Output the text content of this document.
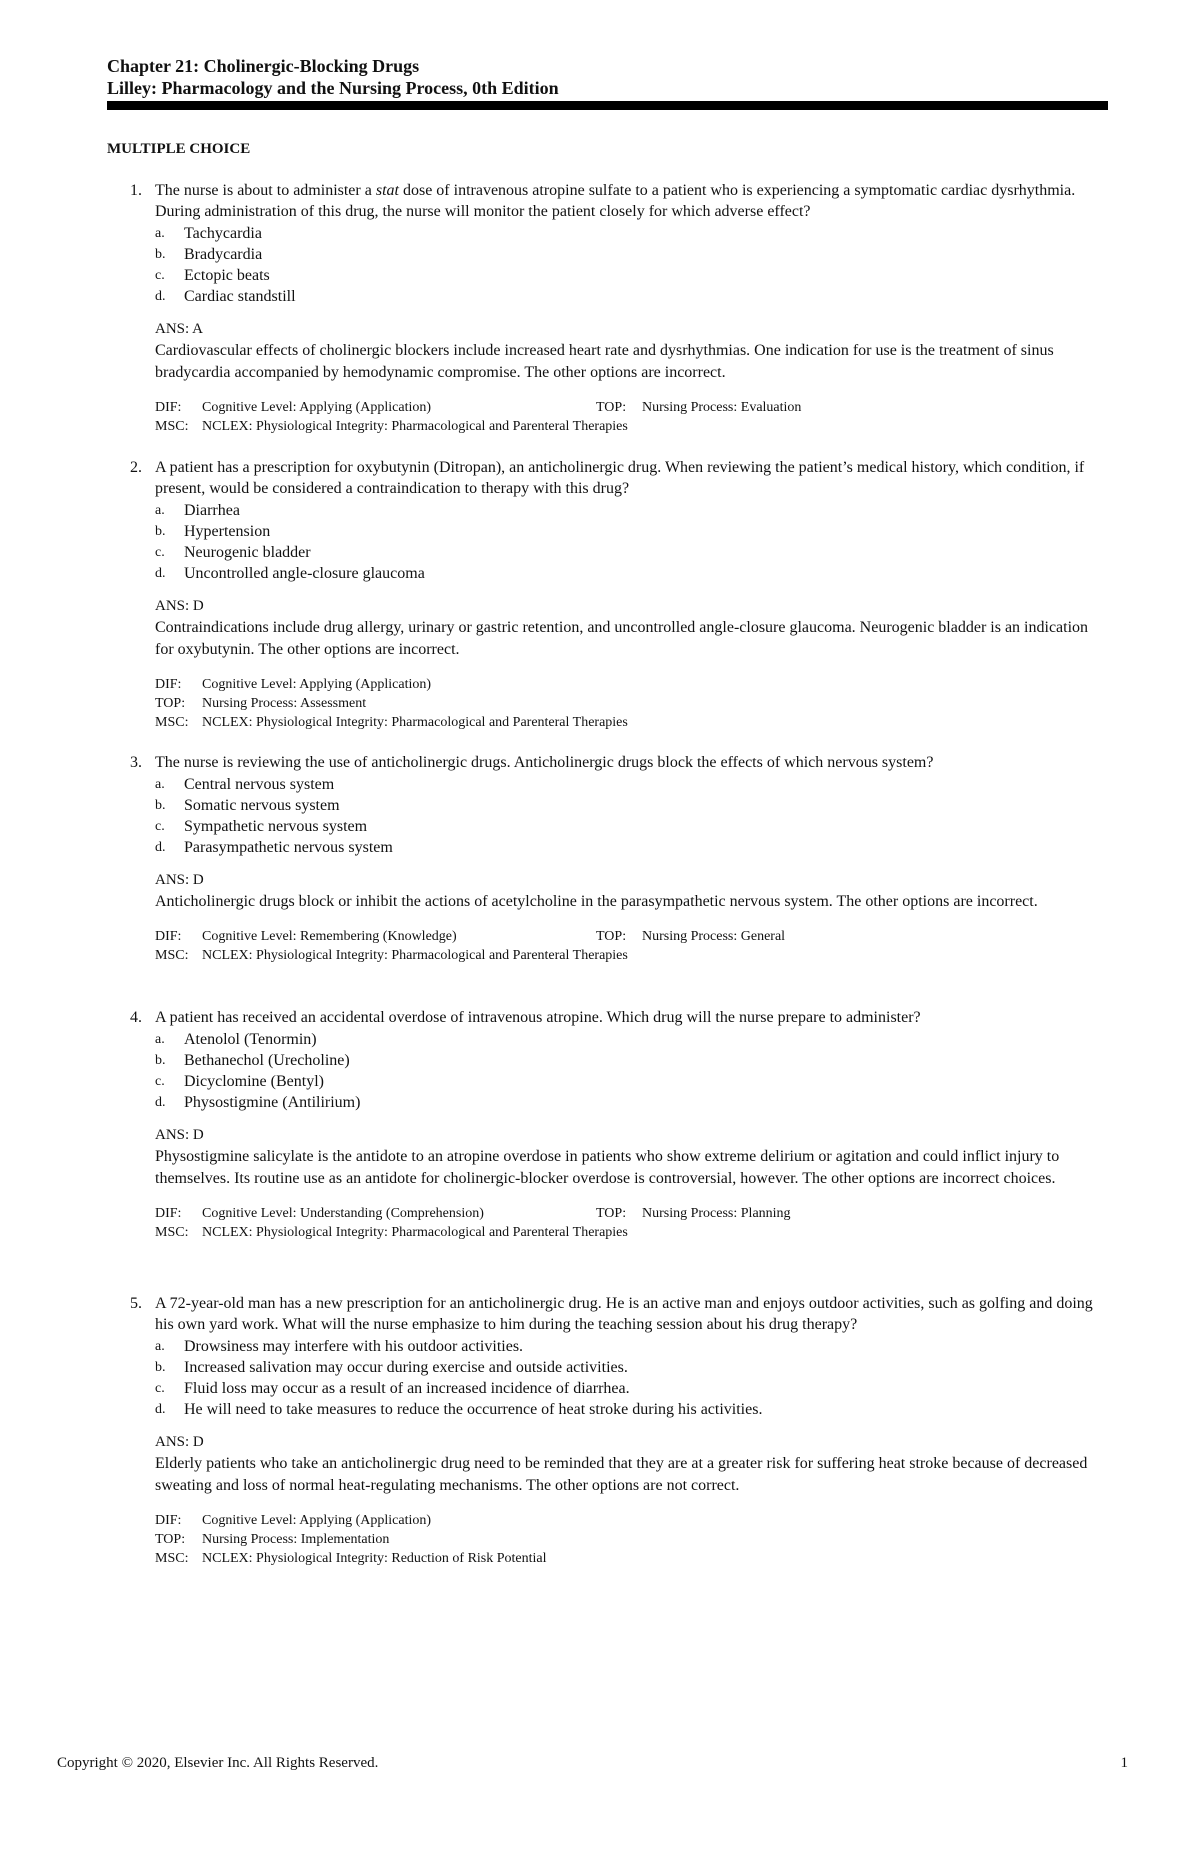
Chapter 21: Cholinergic-Blocking Drugs
Lilley: Pharmacology and the Nursing Process, 0th Edition
MULTIPLE CHOICE
1. The nurse is about to administer a stat dose of intravenous atropine sulfate to a patient who is experiencing a symptomatic cardiac dysrhythmia. During administration of this drug, the nurse will monitor the patient closely for which adverse effect?
a. Tachycardia
b. Bradycardia
c. Ectopic beats
d. Cardiac standstill
ANS: A
Cardiovascular effects of cholinergic blockers include increased heart rate and dysrhythmias. One indication for use is the treatment of sinus bradycardia accompanied by hemodynamic compromise. The other options are incorrect.
DIF: Cognitive Level: Applying (Application)	TOP: Nursing Process: Evaluation
MSC: NCLEX: Physiological Integrity: Pharmacological and Parenteral Therapies
2. A patient has a prescription for oxybutynin (Ditropan), an anticholinergic drug. When reviewing the patient’s medical history, which condition, if present, would be considered a contraindication to therapy with this drug?
a. Diarrhea
b. Hypertension
c. Neurogenic bladder
d. Uncontrolled angle-closure glaucoma
ANS: D
Contraindications include drug allergy, urinary or gastric retention, and uncontrolled angle-closure glaucoma. Neurogenic bladder is an indication for oxybutynin. The other options are incorrect.
DIF: Cognitive Level: Applying (Application)
TOP: Nursing Process: Assessment
MSC: NCLEX: Physiological Integrity: Pharmacological and Parenteral Therapies
3. The nurse is reviewing the use of anticholinergic drugs. Anticholinergic drugs block the effects of which nervous system?
a. Central nervous system
b. Somatic nervous system
c. Sympathetic nervous system
d. Parasympathetic nervous system
ANS: D
Anticholinergic drugs block or inhibit the actions of acetylcholine in the parasympathetic nervous system. The other options are incorrect.
DIF: Cognitive Level: Remembering (Knowledge)	TOP: Nursing Process: General
MSC: NCLEX: Physiological Integrity: Pharmacological and Parenteral Therapies
4. A patient has received an accidental overdose of intravenous atropine. Which drug will the nurse prepare to administer?
a. Atenolol (Tenormin)
b. Bethanechol (Urecholine)
c. Dicyclomine (Bentyl)
d. Physostigmine (Antilirium)
ANS: D
Physostigmine salicylate is the antidote to an atropine overdose in patients who show extreme delirium or agitation and could inflict injury to themselves. Its routine use as an antidote for cholinergic-blocker overdose is controversial, however. The other options are incorrect choices.
DIF: Cognitive Level: Understanding (Comprehension)	TOP: Nursing Process: Planning
MSC: NCLEX: Physiological Integrity: Pharmacological and Parenteral Therapies
5. A 72-year-old man has a new prescription for an anticholinergic drug. He is an active man and enjoys outdoor activities, such as golfing and doing his own yard work. What will the nurse emphasize to him during the teaching session about his drug therapy?
a. Drowsiness may interfere with his outdoor activities.
b. Increased salivation may occur during exercise and outside activities.
c. Fluid loss may occur as a result of an increased incidence of diarrhea.
d. He will need to take measures to reduce the occurrence of heat stroke during his activities.
ANS: D
Elderly patients who take an anticholinergic drug need to be reminded that they are at a greater risk for suffering heat stroke because of decreased sweating and loss of normal heat-regulating mechanisms. The other options are not correct.
DIF: Cognitive Level: Applying (Application)
TOP: Nursing Process: Implementation
MSC: NCLEX: Physiological Integrity: Reduction of Risk Potential
Copyright © 2020, Elsevier Inc. All Rights Reserved.	1
